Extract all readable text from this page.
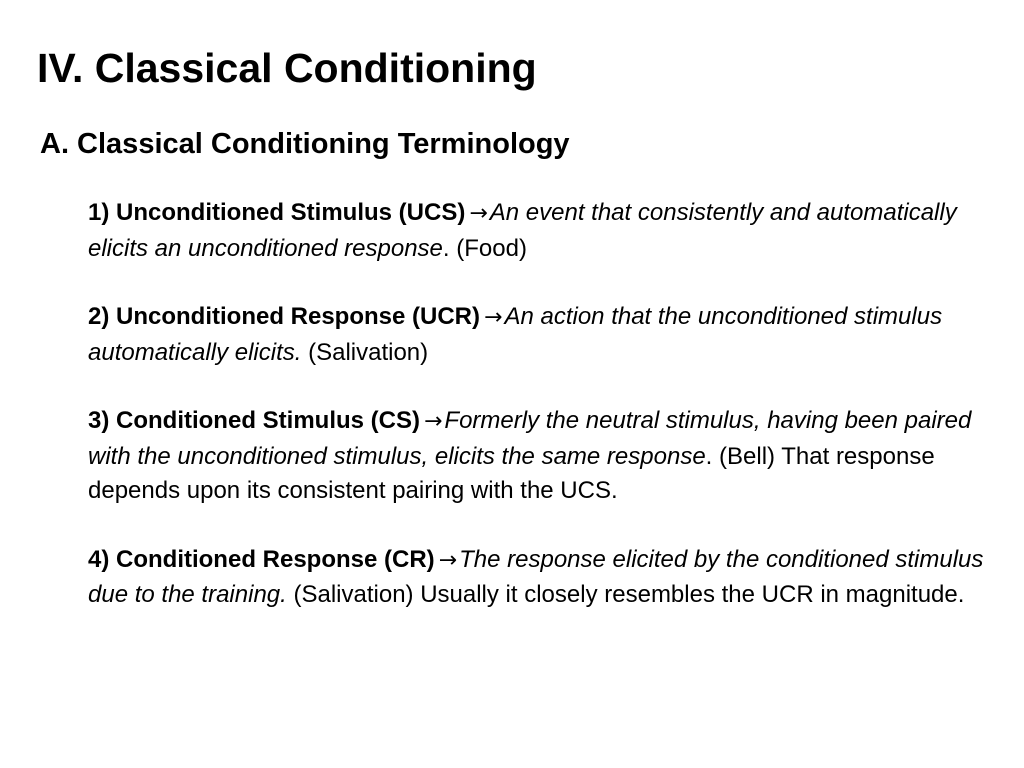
IV. Classical Conditioning
A. Classical Conditioning Terminology
1) Unconditioned Stimulus (UCS) →An event that consistently and automatically elicits an unconditioned response. (Food)
2) Unconditioned Response (UCR) →An action that the unconditioned stimulus automatically elicits. (Salivation)
3) Conditioned Stimulus (CS) →Formerly the neutral stimulus, having been paired with the unconditioned stimulus, elicits the same response. (Bell) That response depends upon its consistent pairing with the UCS.
4) Conditioned Response (CR) →The response elicited by the conditioned stimulus due to the training. (Salivation) Usually it closely resembles the UCR in magnitude.
